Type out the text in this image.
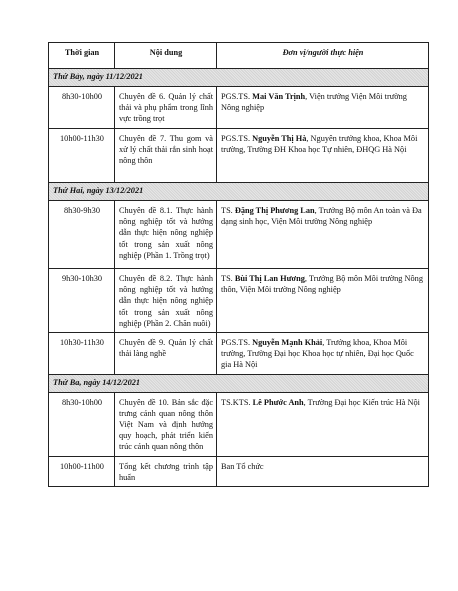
Thời gian	Nội dung	Đơn vị/người thực hiện
Thứ Bảy, ngày 11/12/2021		
8h30-10h00	Chuyên đề 6. Quản lý chất thải và phụ phẩm trong lĩnh vực trồng trọt	PGS.TS. Mai Văn Trịnh, Viện trưởng Viện Môi trường Nông nghiệp
10h00-11h30	Chuyên đề 7. Thu gom và xử lý chất thải rắn sinh hoạt nông thôn	PGS.TS. Nguyễn Thị Hà, Nguyên trưởng khoa, Khoa Môi trường, Trường ĐH Khoa học Tự nhiên, ĐHQG Hà Nội
Thứ Hai, ngày 13/12/2021		
8h30-9h30	Chuyên đề 8.1. Thực hành nông nghiệp tốt và hướng dẫn thực hiện nông nghiệp tốt trong sản xuất nông nghiệp (Phần 1. Trồng trọt)	TS. Đặng Thị Phương Lan, Trưởng Bộ môn An toàn và Đa dạng sinh học, Viện Môi trường Nông nghiệp
9h30-10h30	Chuyên đề 8.2. Thực hành nông nghiệp tốt và hướng dẫn thực hiện nông nghiệp tốt trong sản xuất nông nghiệp (Phần 2. Chăn nuôi)	TS. Bùi Thị Lan Hương, Trưởng Bộ môn Môi trường Nông thôn, Viện Môi trường Nông nghiệp
10h30-11h30	Chuyên đề 9. Quản lý chất thải làng nghề	PGS.TS. Nguyễn Mạnh Khải, Trưởng khoa, Khoa Môi trường, Trường Đại học Khoa học tự nhiên, Đại học Quốc gia Hà Nội
Thứ Ba, ngày 14/12/2021		
8h30-10h00	Chuyên đề 10. Bản sắc đặc trưng cảnh quan nông thôn Việt Nam và định hướng quy hoạch, phát triển kiến trúc cảnh quan nông thôn	TS.KTS. Lê Phước Anh, Trường Đại học Kiến trúc Hà Nội
10h00-11h00	Tổng kết chương trình tập huấn	Ban Tổ chức
